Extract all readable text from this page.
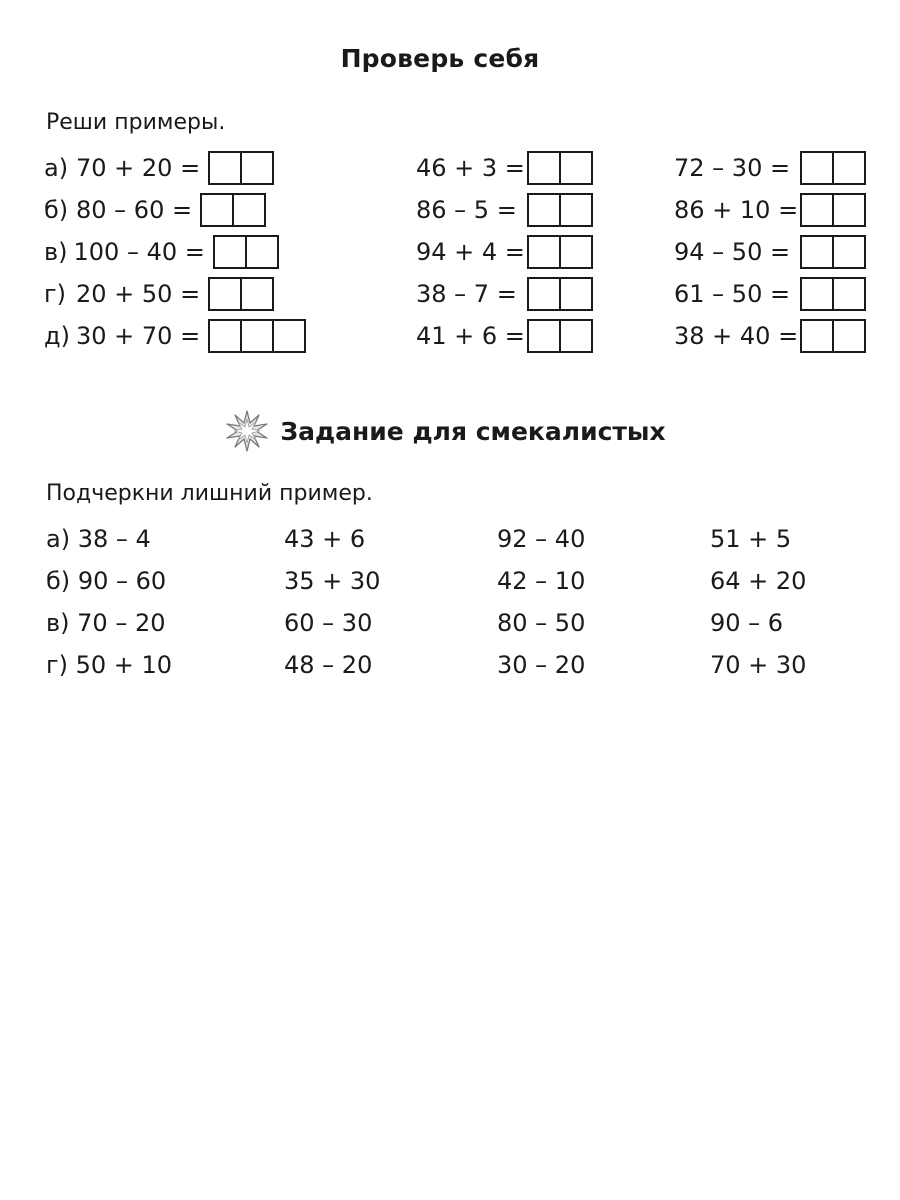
Проверь себя
Реши примеры.
а) 70 + 20 =	46 + 3 =	72 – 30 =
б) 80 – 60 =	86 – 5 =	86 + 10 =
в) 100 – 40 =	94 + 4 =	94 – 50 =
г) 20 + 50 =	38 – 7 =	61 – 50 =
д) 30 + 70 =	41 + 6 =	38 + 40 =
Задание для смекалистых
Подчеркни лишний пример.
а) 38 – 4	43 + 6	92 – 40	51 + 5
б) 90 – 60	35 + 30	42 – 10	64 + 20
в) 70 – 20	60 – 30	80 – 50	90 – 6
г) 50 + 10	48 – 20	30 – 20	70 + 30
